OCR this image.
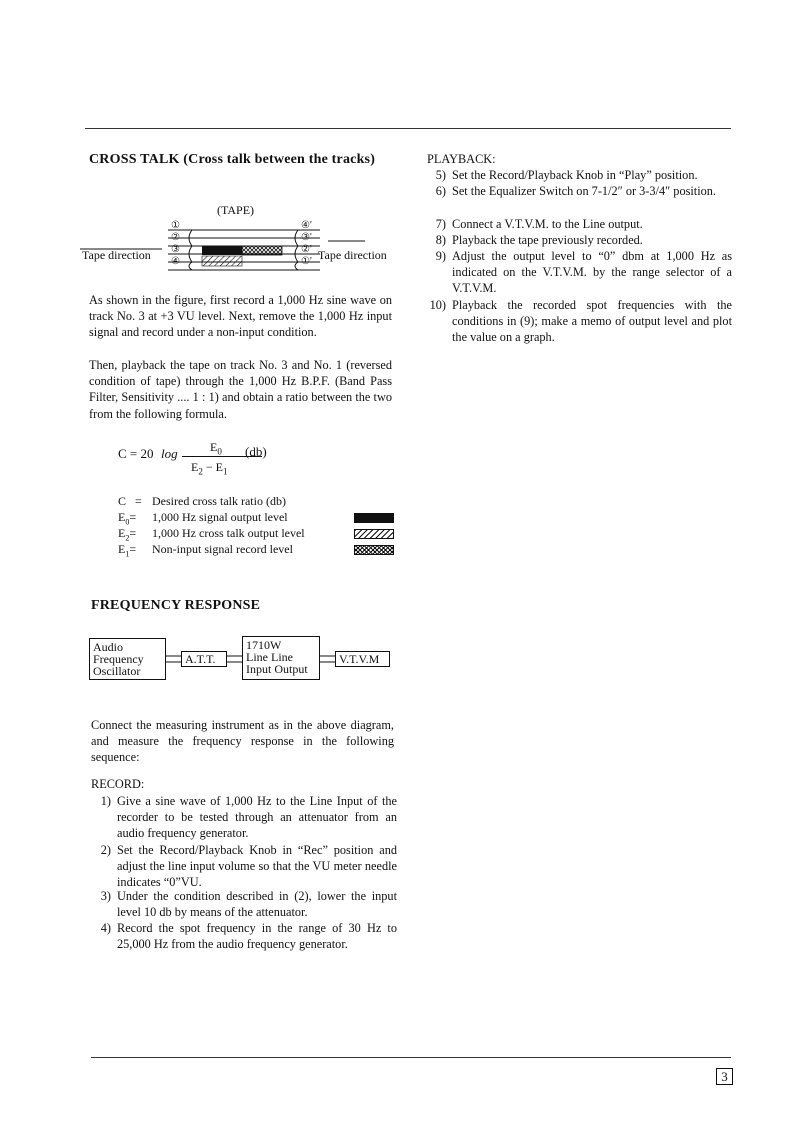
CROSS TALK (Cross talk between the tracks)
(TAPE)
①
②
③
④
④'
③'
②'
①'
Tape direction	Tape direction
As shown in the figure, first record a 1,000 Hz sine wave on track No. 3 at +3 VU level. Next, remove the 1,000 Hz input signal and record under a non-input condition.
Then, playback the tape on track No. 3 and No. 1 (reversed condition of tape) through the 1,000 Hz B.P.F. (Band Pass Filter, Sensitivity .... 1 : 1) and obtain a ratio between the two from the following formula.
C = 20 log	$E_0$ (db)
$E_2 - E_1$
C = Desired cross talk ratio (db)
$E_0= 1,000$ Hz signal output level
$E_2= 1,000$ Hz cross talk output level
$E_1=$ Non-input signal record level
FREQUENCY RESPONSE
Audio
Frequency
Oscillator
A.T.T.
1710W
Line Line
Input Output
V.T.V.M
Connect the measuring instrument as in the above diagram, and measure the frequency response in the following sequence:
RECORD:
1) Give a sine wave of 1,000 Hz to the Line Input of the recorder to be tested through an attenuator from an audio frequency generator.
2) Set the Record/Playback Knob in “Rec” position and adjust the line input volume so that the VU meter needle indicates “0”VU.
3) Under the condition described in (2), lower the input level 10 db by means of the attenuator.
4) Record the spot frequency in the range of 30 Hz to 25,000 Hz from the audio frequency generator.
PLAYBACK:
5) Set the Record/Playback Knob in “Play” position.
6) Set the Equalizer Switch on 7-1/2″ or 3-3/4″ position.
7) Connect a V.T.V.M. to the Line output.
8) Playback the tape previously recorded.
9) Adjust the output level to “0” dbm at 1,000 Hz as indicated on the V.T.V.M. by the range selector of a V.T.V.M.
10) Playback the recorded spot frequencies with the conditions in (9); make a memo of output level and plot the value on a graph.
3
